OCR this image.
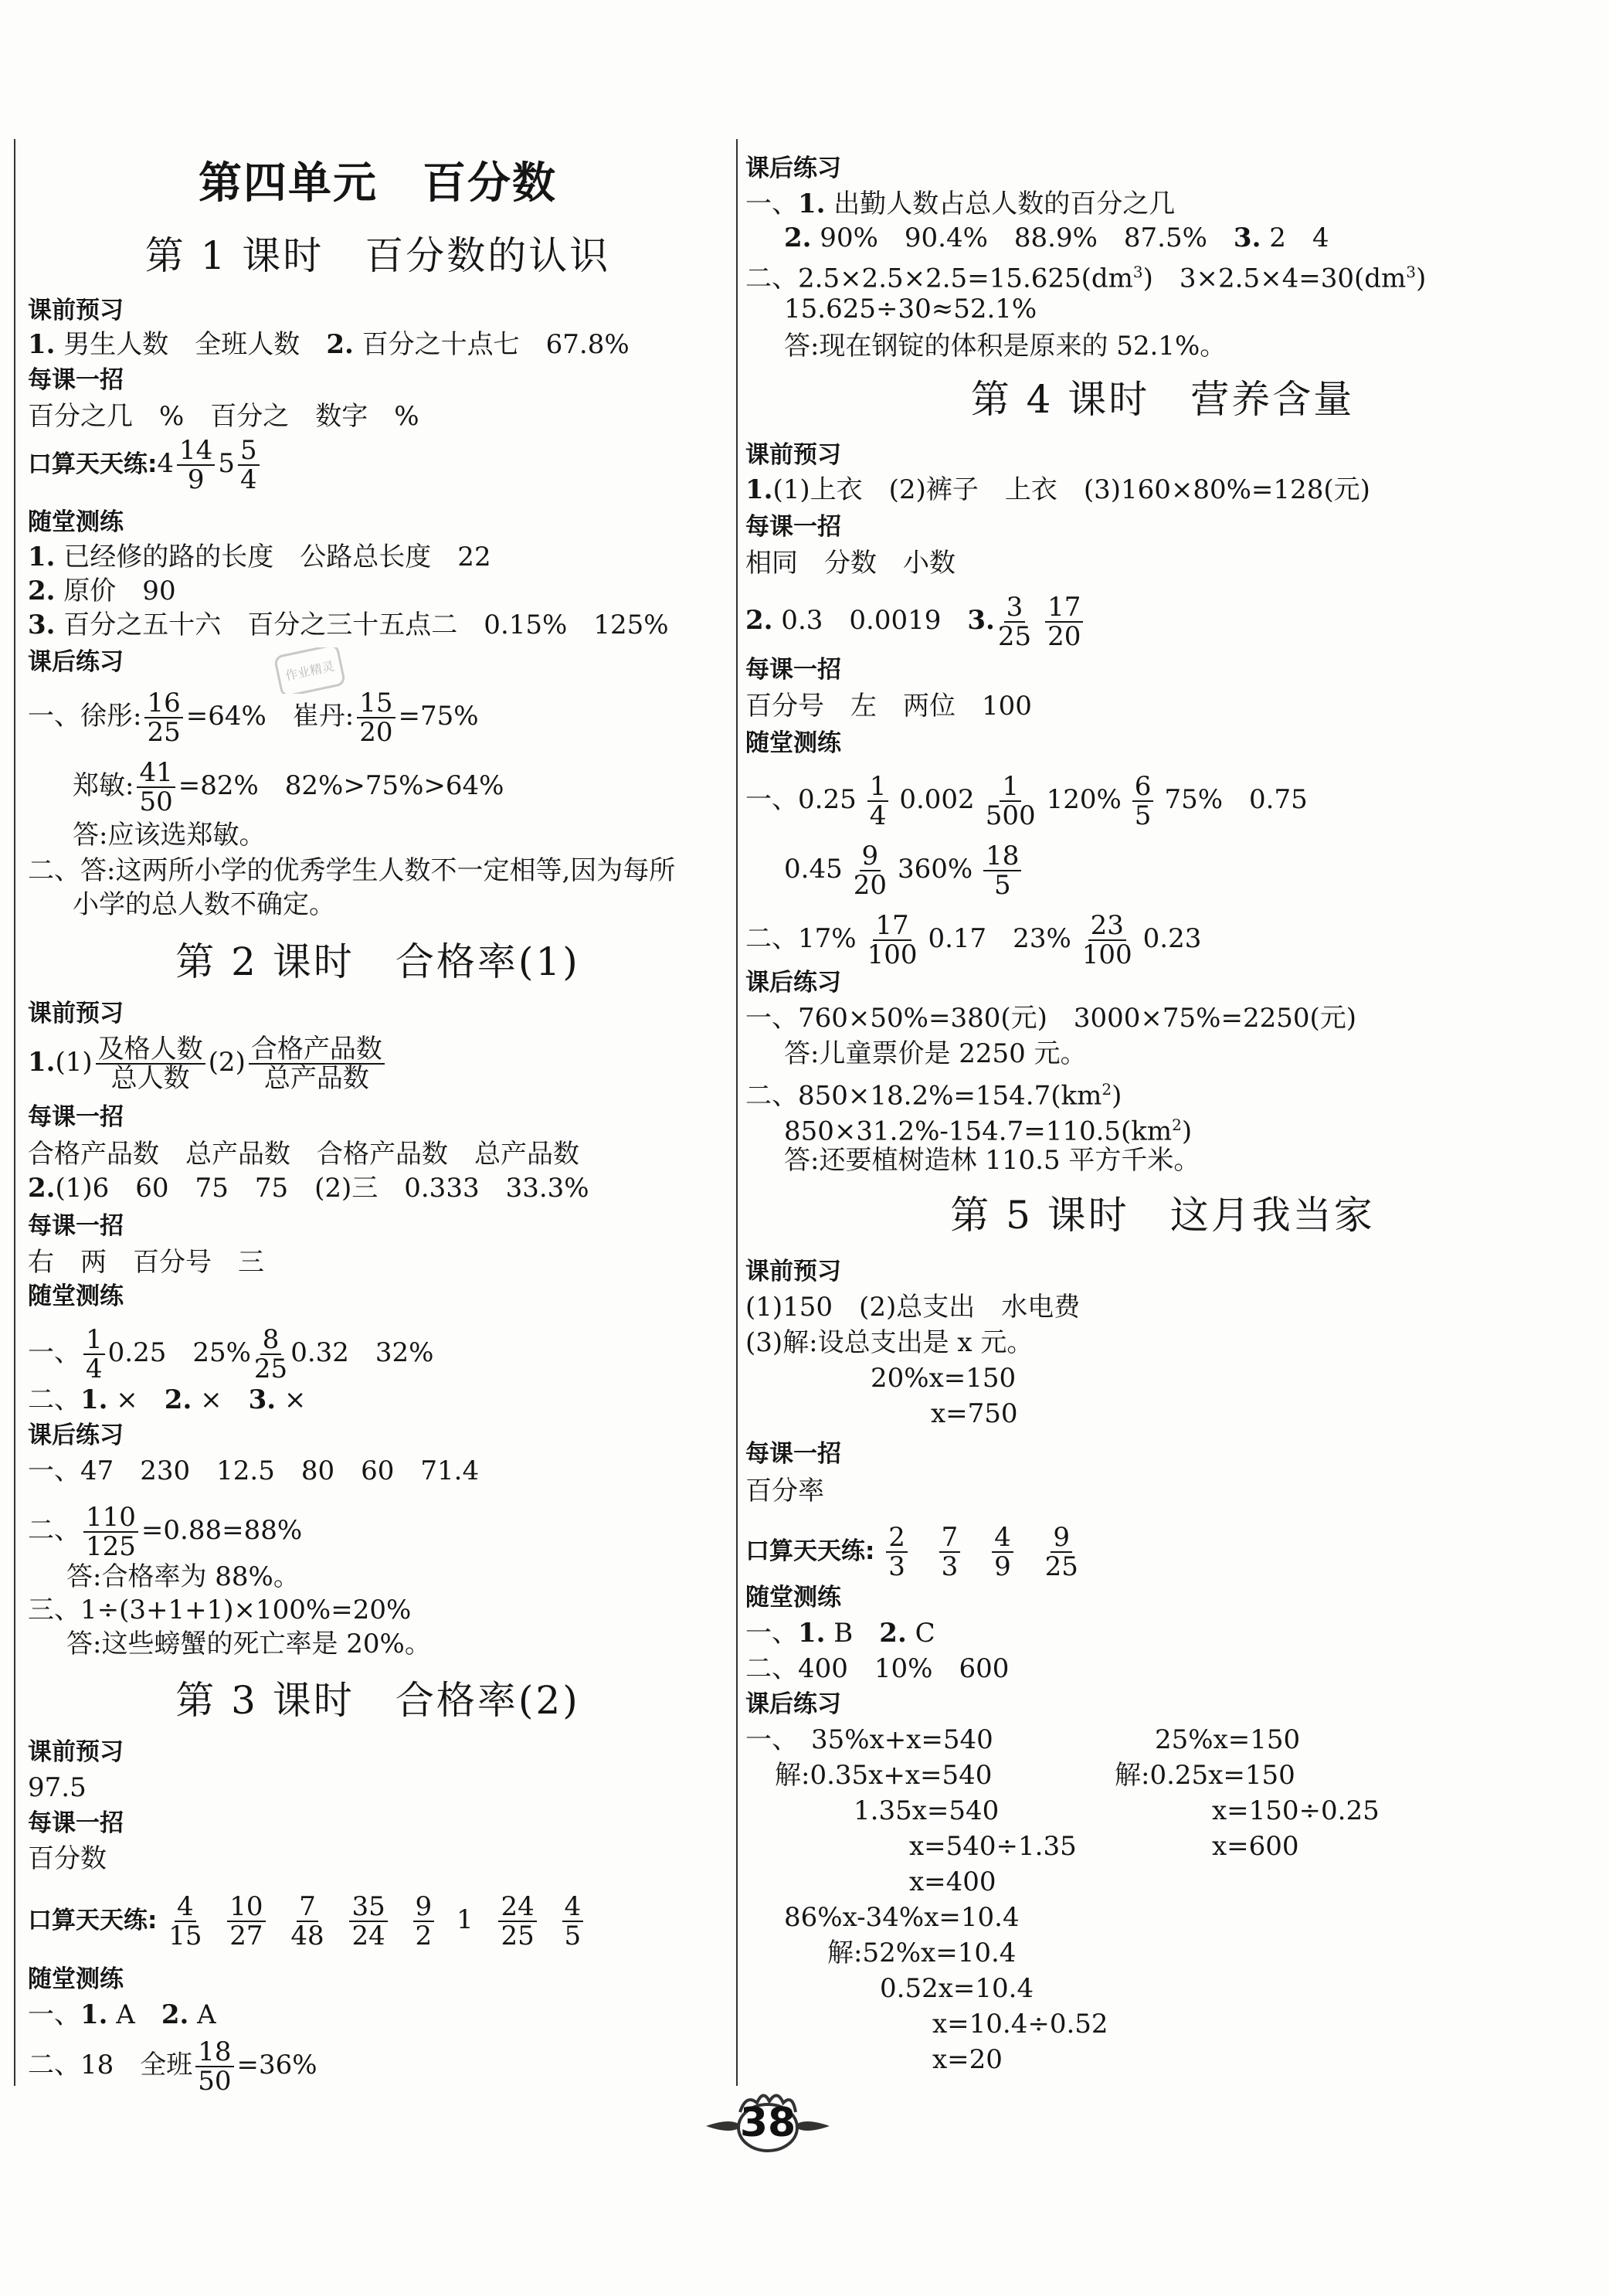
第四单元　百分数
第 1 课时　百分数的认识
课前预习
1. 男生人数　全班人数　2. 百分之十点七　67.8%
每课一招
百分之几　%　百分之　数字　%
口算天天练:4 $\frac{14}{9} 5 \frac{5}{4}$
随堂测练
1. 已经修的路的长度　公路总长度　22
2. 原价　90
3. 百分之五十六　百分之三十五点二　0.15%　125%
课后练习
一、徐彤: $\frac{16}{25} =64\%$　崔丹: $\frac{15}{20} =75\%$
郑敏: $\frac{41}{50} =82\%$　82%>75%>64%
答:应该选郑敏。
二、答:这两所小学的优秀学生人数不一定相等,因为每所
小学的总人数不确定。
第 2 课时　合格率(1)
课前预习
1.(1) 及格人数
总人数
(2) 合格产品数
总产品数
每课一招
合格产品数　总产品数　合格产品数　总产品数
2.(1)6　60　75　75　(2)三　0.333　33.3%
每课一招
右　两　百分号　三
随堂测练
一、 $\frac{1}{4} 0.25$　$25\% \frac{8}{25} 0.32$　32%
二、1. ×　2. ×　3. ×
课后练习
一、47　230　12.5　80　60　71.4
二、 $\frac{110}{125} =0.88=88\%$
答:合格率为 88%。
三、1÷(3+1+1)×100%=20%
答:这些螃蟹的死亡率是 20%。
第 3 课时　合格率(2)
课前预习
97.5
每课一招
百分数
口算天天练: $\frac{4}{15}$
$\frac{10}{27}$
$\frac{7}{48}$
$\frac{35}{24}$
$\frac{9}{2} 1 \frac{24}{25}$
$\frac{4}{5}$
随堂测练
一、1. A　2. A
二、18　全班 $\frac{18}{50} =36\%$
作业精灵
课后练习
一、1. 出勤人数占总人数的百分之几
2. 90%　90.4%　88.9%　87.5%　3. 2　4
二、$2.5\times 2.5\times 2.5=15.625(dm^3)$　$3\times 2.5\times 4=30(dm^3)$
15.625÷30≈52.1%
答:现在钢锭的体积是原来的 52.1%。
第 4 课时　营养含量
课前预习
1.(1)上衣　(2)裤子　上衣　(3)160×80%=128(元)
每课一招
相同　分数　小数
2. 0.3　0.0019　3. $\frac{3}{25} \frac{17}{20}$
每课一招
百分号　左　两位　100
随堂测练
一、$0.25 \frac{1}{4} 0.002 \frac{1}{500} 120\% \frac{6}{5} 75\%$　0.75
$0.45 \frac{9}{20} 360\% \frac{18}{5}$
二、$17\% \frac{17}{100} 0.17$　$23\% \frac{23}{100} 0.23$
课后练习
一、760×50%=380(元)　3000×75%=2250(元)
答:儿童票价是 2250 元。
二、$850\times 18.2\%=154.7(km^2)$
$850\times 31.2\%-154.7=110.5(km^2)$
答:还要植树造林 110.5 平方千米。
第 5 课时　这月我当家
课前预习
(1)150　(2)总支出　水电费
(3)解:设总支出是 x 元。
20%x=150
x=750
每课一招
百分率
口算天天练: $\frac{2}{3}$
$\frac{7}{3}$
$\frac{4}{9}$
$\frac{9}{25}$
随堂测练
一、1. B　2. C
二、400　10%　600
课后练习
一、　35%x+x=540	25%x=150
解:0.35x+x=540	解:0.25x=150
1.35x=540	x=150÷0.25
x=540÷1.35	x=600
x=400
86%x-34%x=10.4
解:52%x=10.4
0.52x=10.4
x=10.4÷0.52
x=20
38
